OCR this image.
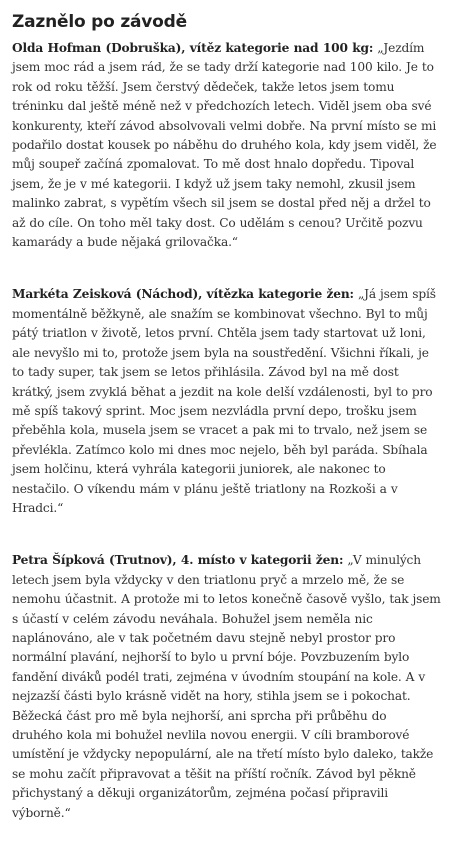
Zaznělo po závodě

Olda Hofman (Dobruška), vítěz kategorie nad 100 kg: „Jezdím jsem moc rád a jsem rád, že se tady drží kategorie nad 100 kilo. Je to rok od roku těžší. Jsem čerstvý dědeček, takže letos jsem tomu tréninku dal ještě méně než v předchozích letech. Viděl jsem oba své konkurenty, kteří závod absolvovali velmi dobře. Na první místo se mi podařilo dostat kousek po náběhu do druhého kola, kdy jsem viděl, že můj soupeř začíná zpomalovat. To mě dost hnalo dopředu. Tipoval jsem, že je v mé kategorii. I když už jsem taky nemohl, zkusil jsem malinko zabrat, s vypětím všech sil jsem se dostal před něj a držel to až do cíle. On toho měl taky dost. Co udělám s cenou? Určitě pozvu kamarády a bude nějaká grilovačka.“

Markéta Zeisková (Náchod), vítězka kategorie žen: „Já jsem spíš momentálně běžkyně, ale snažím se kombinovat všechno. Byl to můj pátý triatlon v životě, letos první. Chtěla jsem tady startovat už loni, ale nevyšlo mi to, protože jsem byla na soustředění. Všichni říkali, je to tady super, tak jsem se letos přihlásila. Závod byl na mě dost krátký, jsem zvyklá běhat a jezdit na kole delší vzdálenosti, byl to pro mě spíš takový sprint. Moc jsem nezvládla první depo, trošku jsem přeběhla kola, musela jsem se vracet a pak mi to trvalo, než jsem se převlékla. Zatímco kolo mi dnes moc nejelo, běh byl paráda. Sbíhala jsem holčinu, která vyhrála kategorii juniorek, ale nakonec to nestačilo. O víkendu mám v plánu ještě triatlony na Rozkoši a v Hradci.“

Petra Šípková (Trutnov), 4. místo v kategorii žen: „V minulých letech jsem byla vždycky v den triatlonu pryč a mrzelo mě, že se nemohu účastnit. A protože mi to letos konečně časově vyšlo, tak jsem s účastí v celém závodu neváhala. Bohužel jsem neměla nic naplánováno, ale v tak početném davu stejně nebyl prostor pro normální plavání, nejhorší to bylo u první bóje. Povzbuzením bylo fandění diváků podél trati, zejména v úvodním stoupání na kole. A v nejzazší části bylo krásně vidět na hory, stihla jsem se i pokochat. Běžecká část pro mě byla nejhorší, ani sprcha při průběhu do druhého kola mi bohužel nevlila novou energii. V cíli bramborové umístění je vždycky nepopulární, ale na třetí místo bylo daleko, takže se mohu začít připravovat a těšit na příští ročník. Závod byl pěkně přichystaný a děkuji organizátorům, zejména počasí připravili výborně.“
